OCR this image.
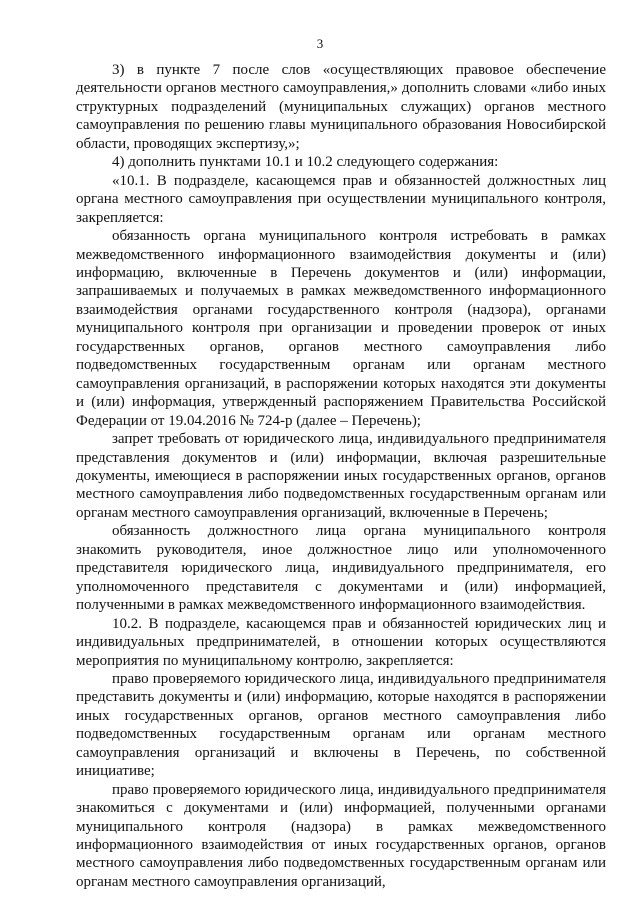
3

3) в пункте 7 после слов «осуществляющих правовое обеспечение деятельности органов местного самоуправления,» дополнить словами «либо иных структурных подразделений (муниципальных служащих) органов местного самоуправления по решению главы муниципального образования Новосибирской области, проводящих экспертизу,»;

4) дополнить пунктами 10.1 и 10.2 следующего содержания:

«10.1. В подразделе, касающемся прав и обязанностей должностных лиц органа местного самоуправления при осуществлении муниципального контроля, закрепляется:

обязанность органа муниципального контроля истребовать в рамках межведомственного информационного взаимодействия документы и (или) информацию, включенные в Перечень документов и (или) информации, запрашиваемых и получаемых в рамках межведомственного информационного взаимодействия органами государственного контроля (надзора), органами муниципального контроля при организации и проведении проверок от иных государственных органов, органов местного самоуправления либо подведомственных государственным органам или органам местного самоуправления организаций, в распоряжении которых находятся эти документы и (или) информация, утвержденный распоряжением Правительства Российской Федерации от 19.04.2016 № 724-р (далее – Перечень);

запрет требовать от юридического лица, индивидуального предпринимателя представления документов и (или) информации, включая разрешительные документы, имеющиеся в распоряжении иных государственных органов, органов местного самоуправления либо подведомственных государственным органам или органам местного самоуправления организаций, включенные в Перечень;

обязанность должностного лица органа муниципального контроля знакомить руководителя, иное должностное лицо или уполномоченного представителя юридического лица, индивидуального предпринимателя, его уполномоченного представителя с документами и (или) информацией, полученными в рамках межведомственного информационного взаимодействия.

10.2. В подразделе, касающемся прав и обязанностей юридических лиц и индивидуальных предпринимателей, в отношении которых осуществляются мероприятия по муниципальному контролю, закрепляется:

право проверяемого юридического лица, индивидуального предпринимателя представить документы и (или) информацию, которые находятся в распоряжении иных государственных органов, органов местного самоуправления либо подведомственных государственным органам или органам местного самоуправления организаций и включены в Перечень, по собственной инициативе;

право проверяемого юридического лица, индивидуального предпринимателя знакомиться с документами и (или) информацией, полученными органами муниципального контроля (надзора) в рамках межведомственного информационного взаимодействия от иных государственных органов, органов местного самоуправления либо подведомственных государственным органам или органам местного самоуправления организаций,
